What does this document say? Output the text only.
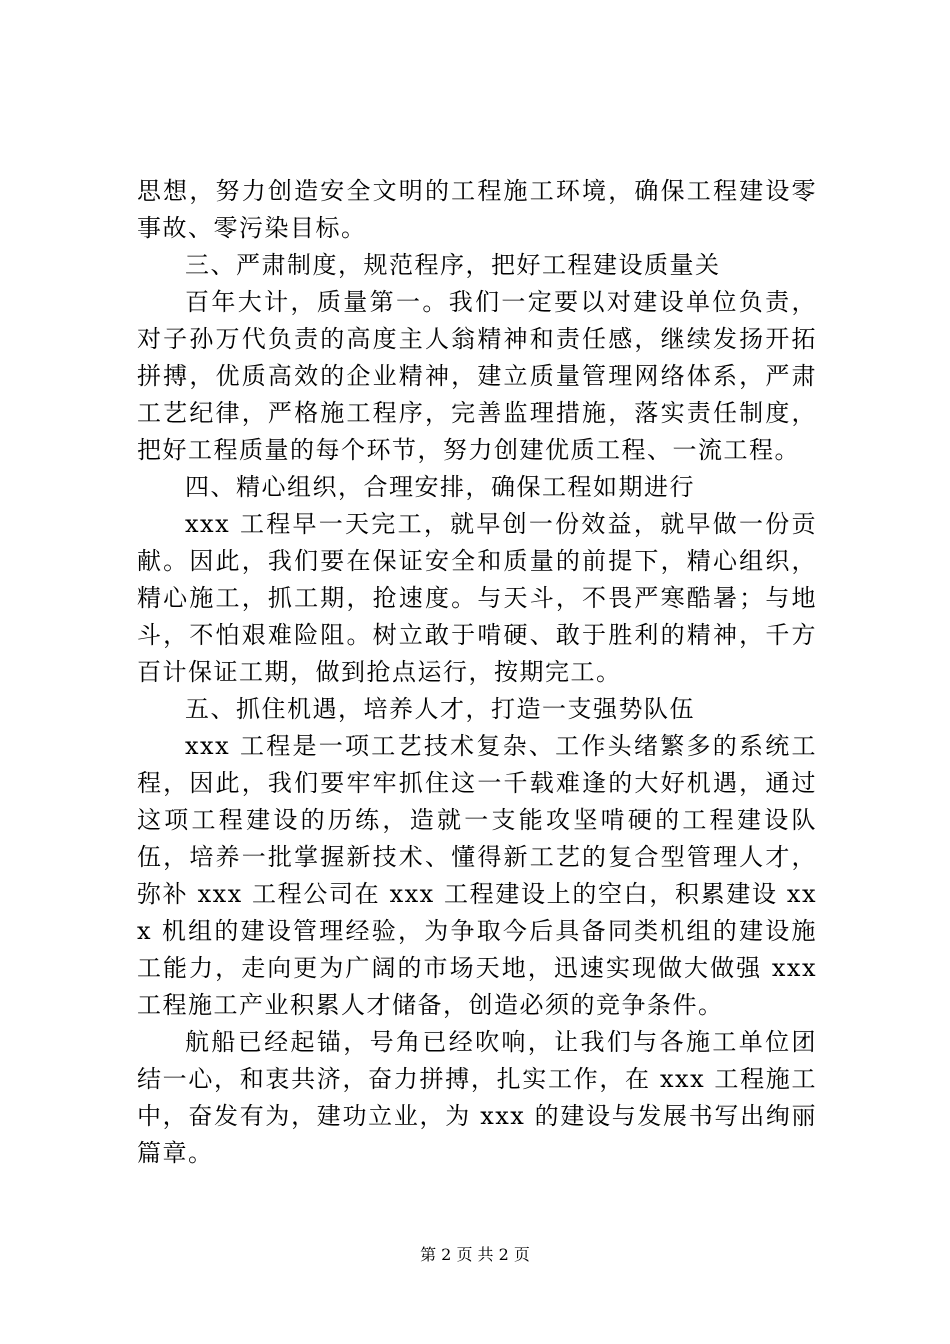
思想，努力创造安全文明的工程施工环境，确保工程建设零事故、零污染目标。

三、严肃制度，规范程序，把好工程建设质量关

百年大计，质量第一。我们一定要以对建设单位负责，对子孙万代负责的高度主人翁精神和责任感，继续发扬开拓拼搏，优质高效的企业精神，建立质量管理网络体系，严肃工艺纪律，严格施工程序，完善监理措施，落实责任制度，把好工程质量的每个环节，努力创建优质工程、一流工程。

四、精心组织，合理安排，确保工程如期进行

xxx 工程早一天完工，就早创一份效益，就早做一份贡献。因此，我们要在保证安全和质量的前提下，精心组织，精心施工，抓工期，抢速度。与天斗，不畏严寒酷暑；与地斗，不怕艰难险阻。树立敢于啃硬、敢于胜利的精神，千方百计保证工期，做到抢点运行，按期完工。

五、抓住机遇，培养人才，打造一支强势队伍

xxx 工程是一项工艺技术复杂、工作头绪繁多的系统工程，因此，我们要牢牢抓住这一千载难逢的大好机遇，通过这项工程建设的历练，造就一支能攻坚啃硬的工程建设队伍，培养一批掌握新技术、懂得新工艺的复合型管理人才，弥补 xxx 工程公司在 xxx 工程建设上的空白，积累建设 xxx 机组的建设管理经验，为争取今后具备同类机组的建设施工能力，走向更为广阔的市场天地，迅速实现做大做强 xxx 工程施工产业积累人才储备，创造必须的竞争条件。

航船已经起锚，号角已经吹响，让我们与各施工单位团结一心，和衷共济，奋力拼搏，扎实工作，在 xxx 工程施工中，奋发有为，建功立业，为 xxx 的建设与发展书写出绚丽篇章。

第 2 页 共 2 页
